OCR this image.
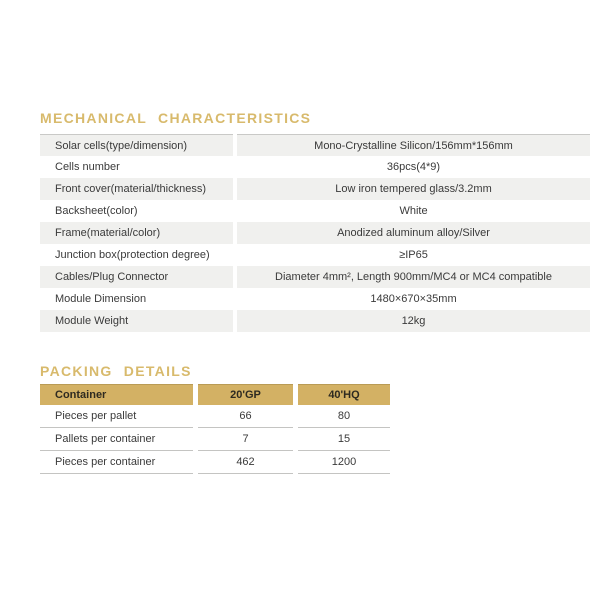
MECHANICAL CHARACTERISTICS
Solar cells(type/dimension)	Mono-Crystalline Silicon/156mm*156mm
Cells number	36pcs(4*9)
Front cover(material/thickness)	Low iron tempered glass/3.2mm
Backsheet(color)	White
Frame(material/color)	Anodized aluminum alloy/Silver
Junction box(protection degree)	≥IP65
Cables/Plug Connector	Diameter 4mm², Length 900mm/MC4 or MC4 compatible
Module Dimension	1480×670×35mm
Module Weight	12kg
PACKING DETAILS
Container	20'GP	40'HQ
Pieces per pallet	66	80
Pallets per container	7	15
Pieces per container	462	1200
